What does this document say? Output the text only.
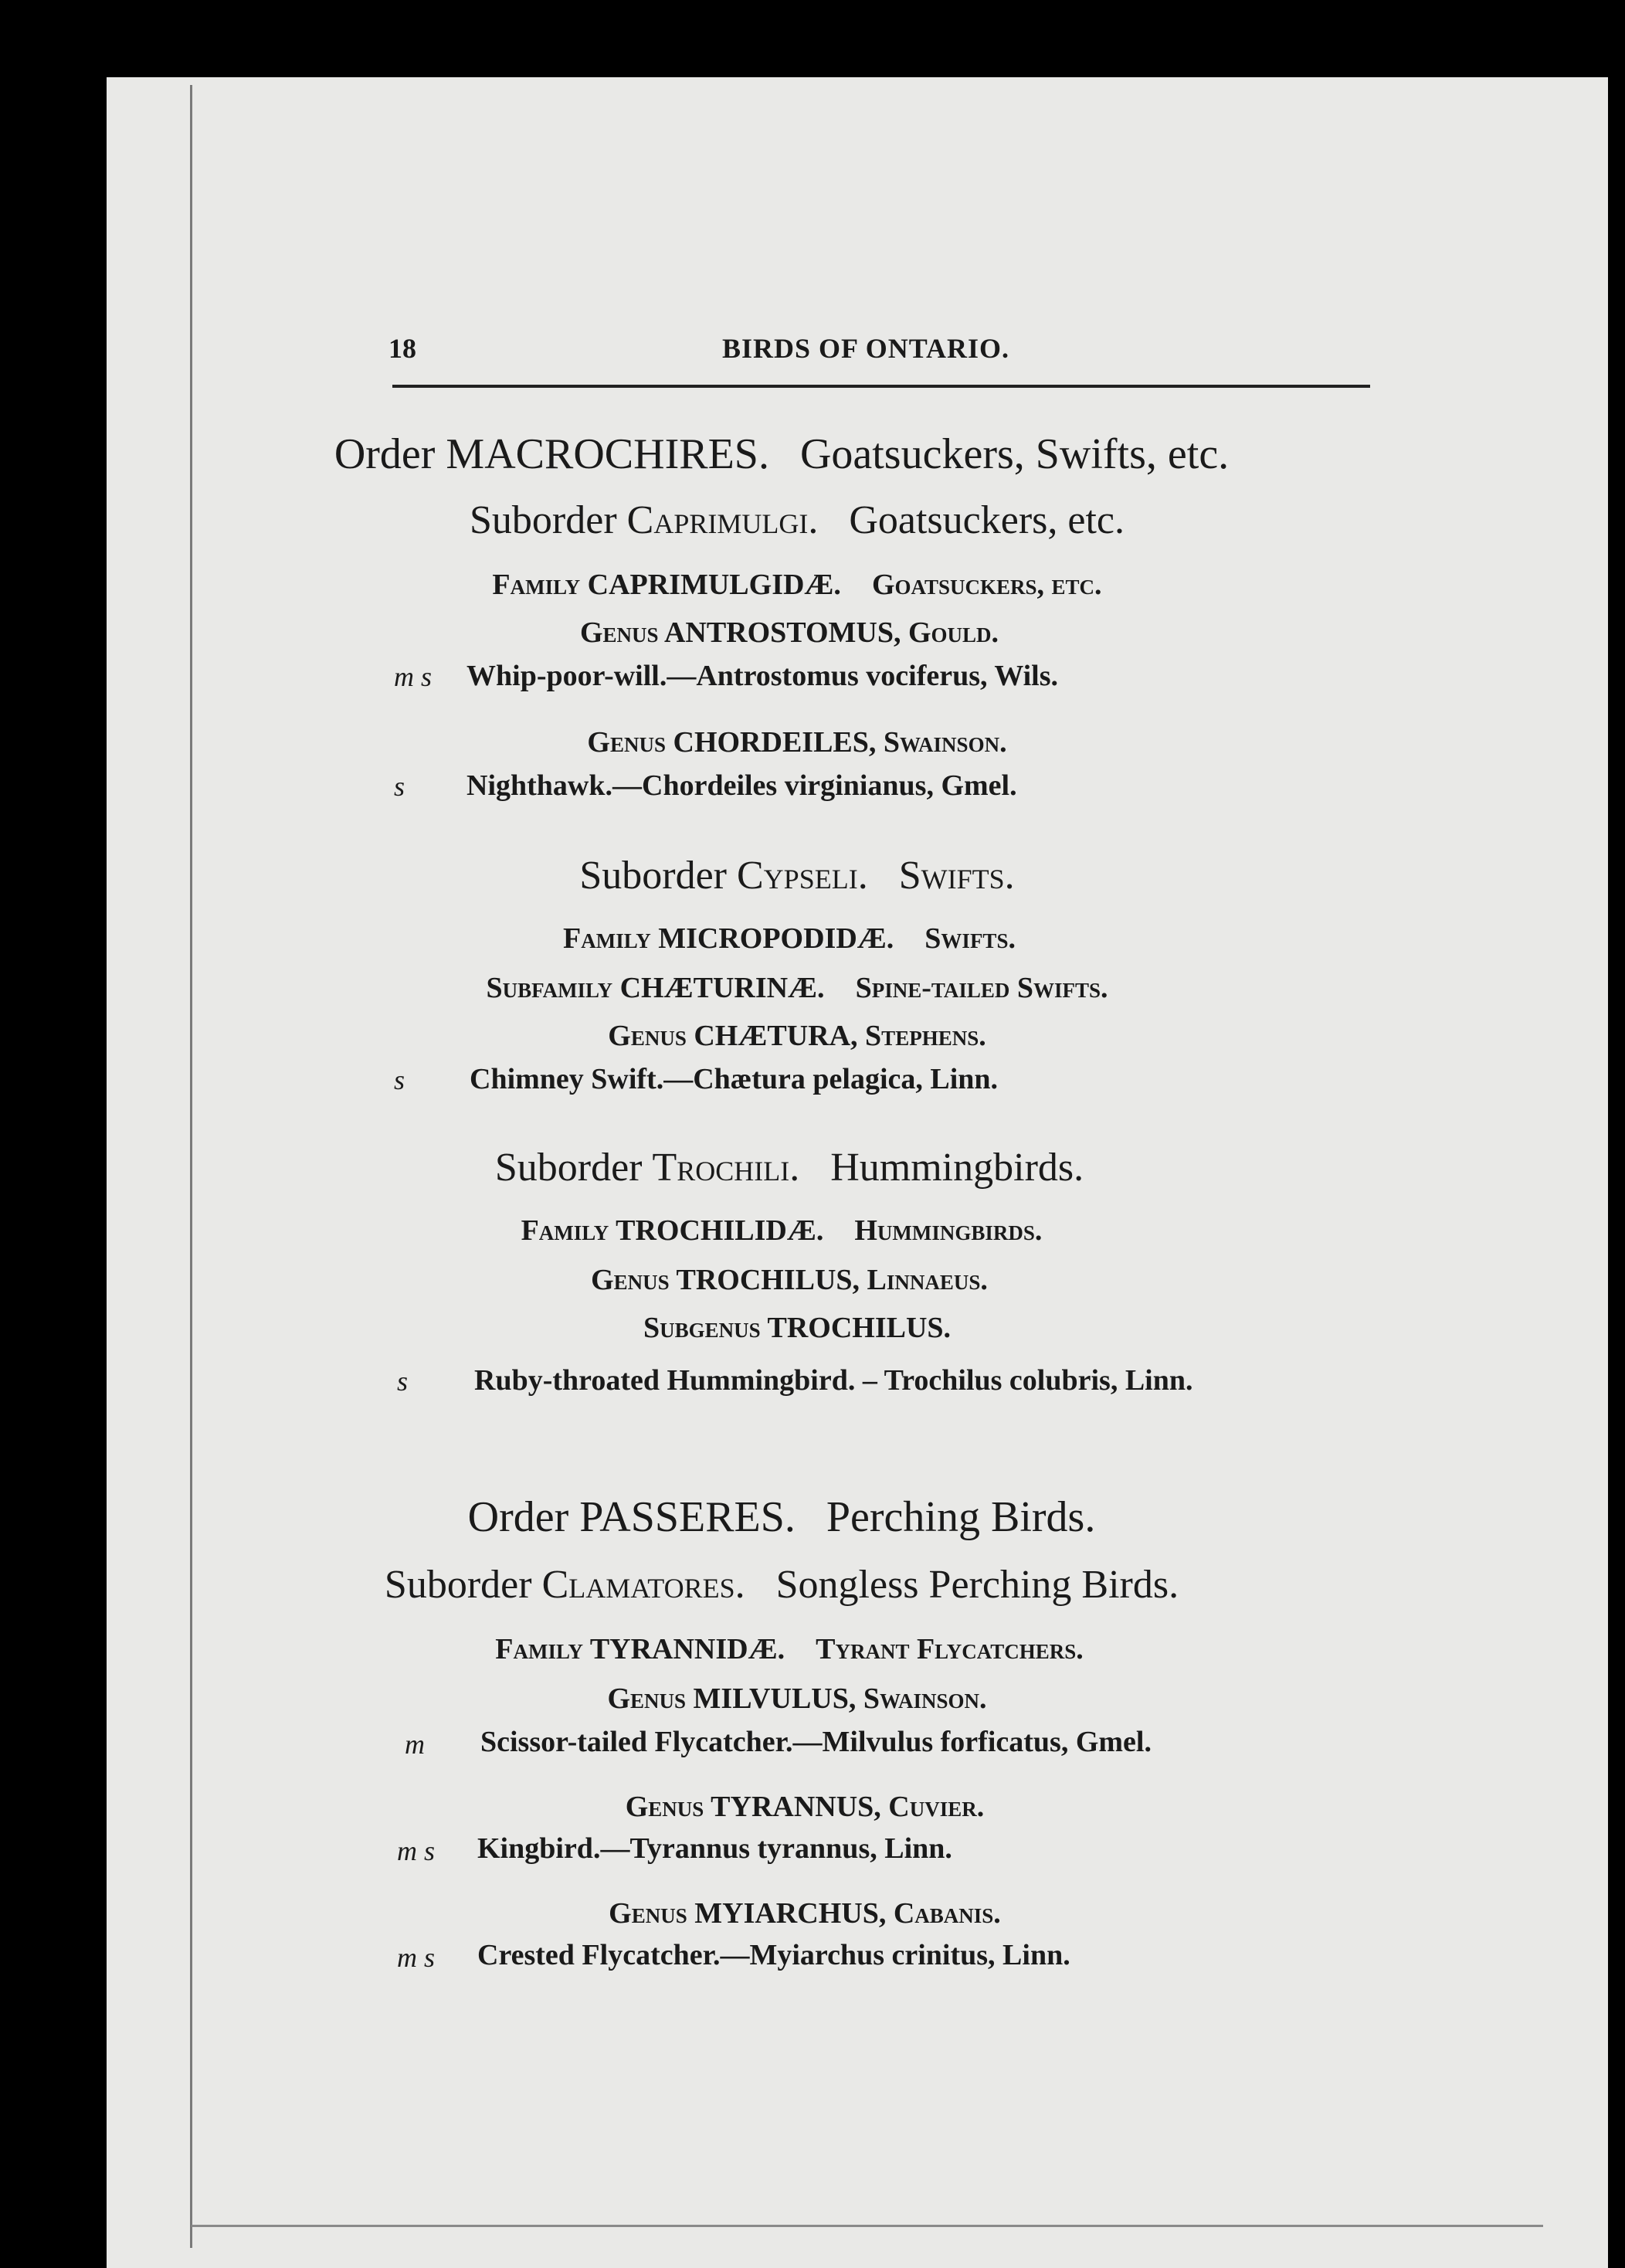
18	BIRDS OF ONTARIO.
Order MACROCHIRES. Goatsuckers, Swifts, etc.
Suborder Caprimulgi. Goatsuckers, etc.
Family CAPRIMULGIDÆ. Goatsuckers, etc.
Genus ANTROSTOMUS, Gould.
m s Whip-poor-will.—Antrostomus vociferus, Wils.
Genus CHORDEILES, Swainson.
s Nighthawk.—Chordeiles virginianus, Gmel.
Suborder Cypseli. Swifts.
Family MICROPODIDÆ. Swifts.
Subfamily CHÆTURINÆ. Spine-tailed Swifts.
Genus CHÆTURA, Stephens.
s Chimney Swift.—Chætura pelagica, Linn.
Suborder Trochili. Hummingbirds.
Family TROCHILIDÆ. Hummingbirds.
Genus TROCHILUS, Linnaeus.
Subgenus TROCHILUS.
s Ruby-throated Hummingbird. – Trochilus colubris, Linn.
Order PASSERES. Perching Birds.
Suborder Clamatores. Songless Perching Birds.
Family TYRANNIDÆ. Tyrant Flycatchers.
Genus MILVULUS, Swainson.
m Scissor-tailed Flycatcher.—Milvulus forficatus, Gmel.
Genus TYRANNUS, Cuvier.
m s Kingbird.—Tyrannus tyrannus, Linn.
Genus MYIARCHUS, Cabanis.
m s Crested Flycatcher.—Myiarchus crinitus, Linn.
